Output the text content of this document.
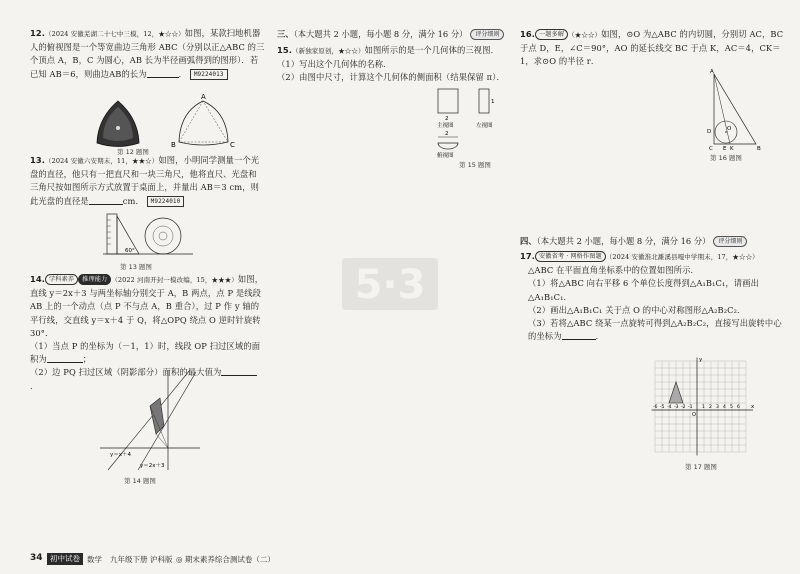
5·3

12.（2024 安徽芜湖二十七中三模，12，★☆☆）如图，某款扫地机器人的俯视图是一个等宽曲边三角形 ABC（分别以正△ABC 的三个顶点 A，B，C 为圆心，AB 长为半径画弧得到的图形）．若已知 AB＝6，则曲边AB的长为	． M9224013

A
B	C
第 12 题图

13.（2024 安徽六安期末，11，★★☆）如图，小明同学测量一个光盘的直径，他只有一把直尺和一块三角尺，他将直尺、光盘和三角尺按如图所示方式放置于桌面上，并量出 AB＝3 cm，则此光盘的直径是	cm． M9224010

60°
第 13 题图

14. 学科素养 推理能力 （2022 河南开封一模改编，15，★★★）如图，直线 y＝2x＋3 与两坐标轴分别交于 A，B 两点，点 P 是线段 AB 上的一个动点（点 P 不与点 A，B 重合），过 P 作 y 轴的平行线，交直线 y＝x＋4 于 Q，将△OPQ 绕点 O 逆时针旋转 30°．

（1）当点 P 的坐标为（－1，1）时，线段 OP 扫过区域的面积为	；

（2）边 PQ 扫过区域（阴影部分）面积的最大值为．

y＝x＋4
y＝2x＋3
第 14 题图
三、（本大题共 2 小题，每小题 8 分，满分 16 分） 评分细则

15.（新独家原创，★☆☆）如图所示的是一个几何体的三视图．

（1）写出这个几何体的名称．

（2）由图中尺寸，计算这个几何体的侧面积（结果保留 π）．

2
主视图
1
左视图
2
俯视图
第 15 题图

16. 一题多解 （★☆☆）如图，⊙O 为△ABC 的内切圆，分别切 AC，BC 于点 D，E，∠C＝90°，AO 的延长线交 BC 于点 K，AC＝4，CK＝1，求⊙O 的半径 r．

A
C	B
D
E K
O
第 16 题图
四、（本大题共 2 小题，每小题 8 分，满分 16 分） 评分细则

17. 安徽省考 · 网格作图题 （2024 安徽淮北濉溪县嘎中学期末，17，★☆☆）

△ABC 在平面直角坐标系中的位置如图所示．

（1）将△ABC 向右平移 6 个单位长度得到△A₁B₁C₁，请画出△A₁B₁C₁．

（2）画出△A₁B₁C₁ 关于点 O 的中心对称图形△A₂B₂C₂．

（3）若将△ABC 绕某一点旋转可得到△A₂B₂C₂，直接写出旋转中心的坐标为	．

x
y
O
-6 -5 -4 -3 -2 -1 1 2 3 4 5 6
第 17 题图
34 初中试卷 数学 九年级下册 沪科版 ◎ 期末素养综合测试卷（二）
